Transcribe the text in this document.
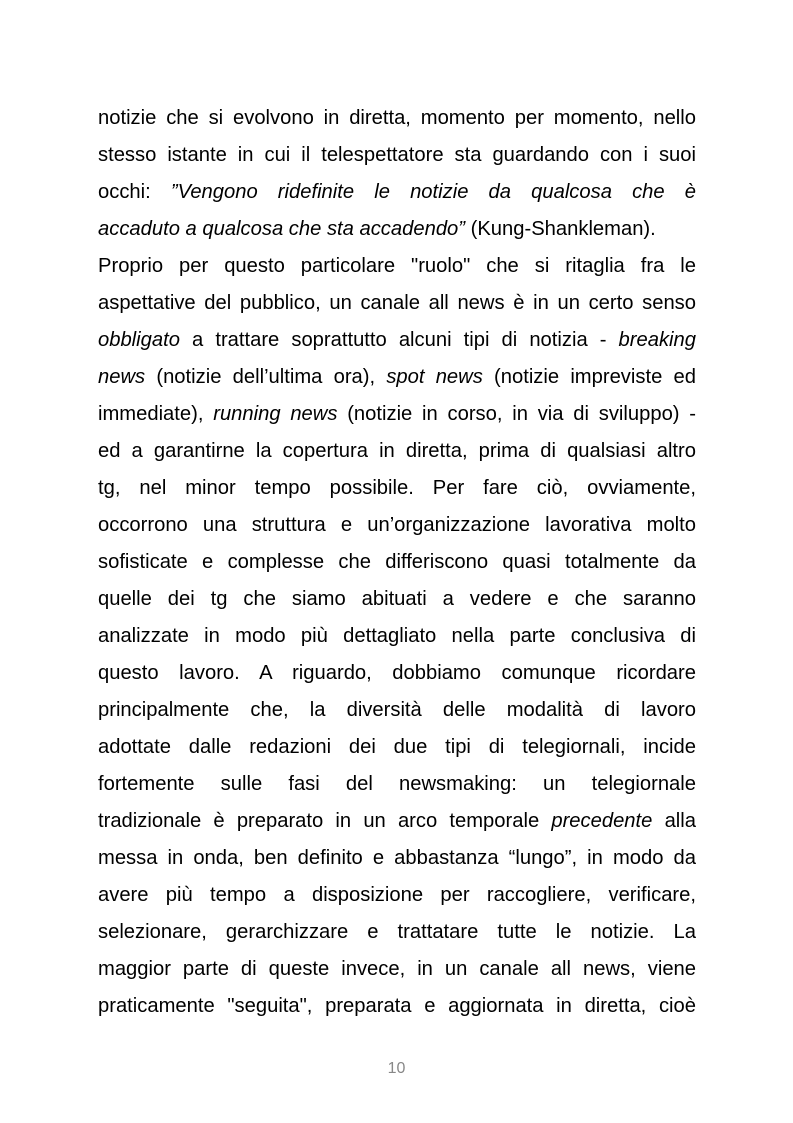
notizie che si evolvono in diretta, momento per momento, nello
stesso istante in cui il telespettatore sta guardando con i suoi
occhi: ”Vengono ridefinite le notizie da qualcosa che è
accaduto a qualcosa che sta accadendo” (Kung-Shankleman).
Proprio per questo particolare "ruolo" che si ritaglia fra le
aspettative del pubblico, un canale all news è in un certo senso
obbligato a trattare soprattutto alcuni tipi di notizia - breaking
news (notizie dell’ultima ora), spot news (notizie impreviste ed
immediate), running news (notizie in corso, in via di sviluppo) -
ed a garantirne la copertura in diretta, prima di qualsiasi altro
tg, nel minor tempo possibile. Per fare ciò, ovviamente,
occorrono una struttura e un’organizzazione lavorativa molto
sofisticate e complesse che differiscono quasi totalmente da
quelle dei tg che siamo abituati a vedere e che saranno
analizzate in modo più dettagliato nella parte conclusiva di
questo lavoro. A riguardo, dobbiamo comunque ricordare
principalmente che, la diversità delle modalità di lavoro
adottate dalle redazioni dei due tipi di telegiornali, incide
fortemente sulle fasi del newsmaking: un telegiornale
tradizionale è preparato in un arco temporale precedente alla
messa in onda, ben definito e abbastanza “lungo”, in modo da
avere più tempo a disposizione per raccogliere, verificare,
selezionare, gerarchizzare e trattatare tutte le notizie. La
maggior parte di queste invece, in un canale all news, viene
praticamente "seguita", preparata e aggiornata in diretta, cioè
10
